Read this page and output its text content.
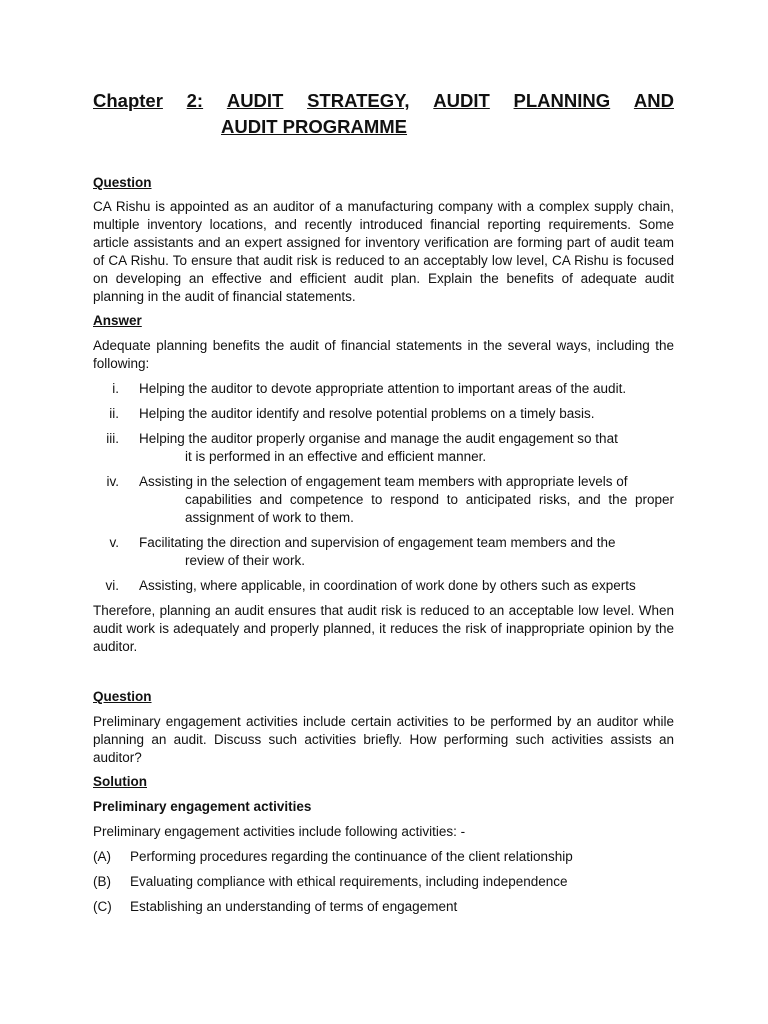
Chapter 2: AUDIT STRATEGY, AUDIT PLANNING AND
AUDIT PROGRAMME
Question

CA Rishu is appointed as an auditor of a manufacturing company with a complex supply chain, multiple inventory locations, and recently introduced financial reporting requirements. Some article assistants and an expert assigned for inventory verification are forming part of audit team of CA Rishu. To ensure that audit risk is reduced to an acceptably low level, CA Rishu is focused on developing an effective and efficient audit plan. Explain the benefits of adequate audit planning in the audit of financial statements.

Answer

Adequate planning benefits the audit of financial statements in the several ways, including the following:

i. Helping the auditor to devote appropriate attention to important areas of the audit.
ii. Helping the auditor identify and resolve potential problems on a timely basis.
iii. Helping the auditor properly organise and manage the audit engagement so that
it is performed in an effective and efficient manner.
iv. Assisting in the selection of engagement team members with appropriate levels of
capabilities and competence to respond to anticipated risks, and the proper assignment of work to them.
v. Facilitating the direction and supervision of engagement team members and the
review of their work.
vi. Assisting, where applicable, in coordination of work done by others such as experts

Therefore, planning an audit ensures that audit risk is reduced to an acceptable low level. When audit work is adequately and properly planned, it reduces the risk of inappropriate opinion by the auditor.

Question

Preliminary engagement activities include certain activities to be performed by an auditor while planning an audit. Discuss such activities briefly. How performing such activities assists an auditor?

Solution
Preliminary engagement activities

Preliminary engagement activities include following activities: -

(A) Performing procedures regarding the continuance of the client relationship
(B) Evaluating compliance with ethical requirements, including independence
(C) Establishing an understanding of terms of engagement
